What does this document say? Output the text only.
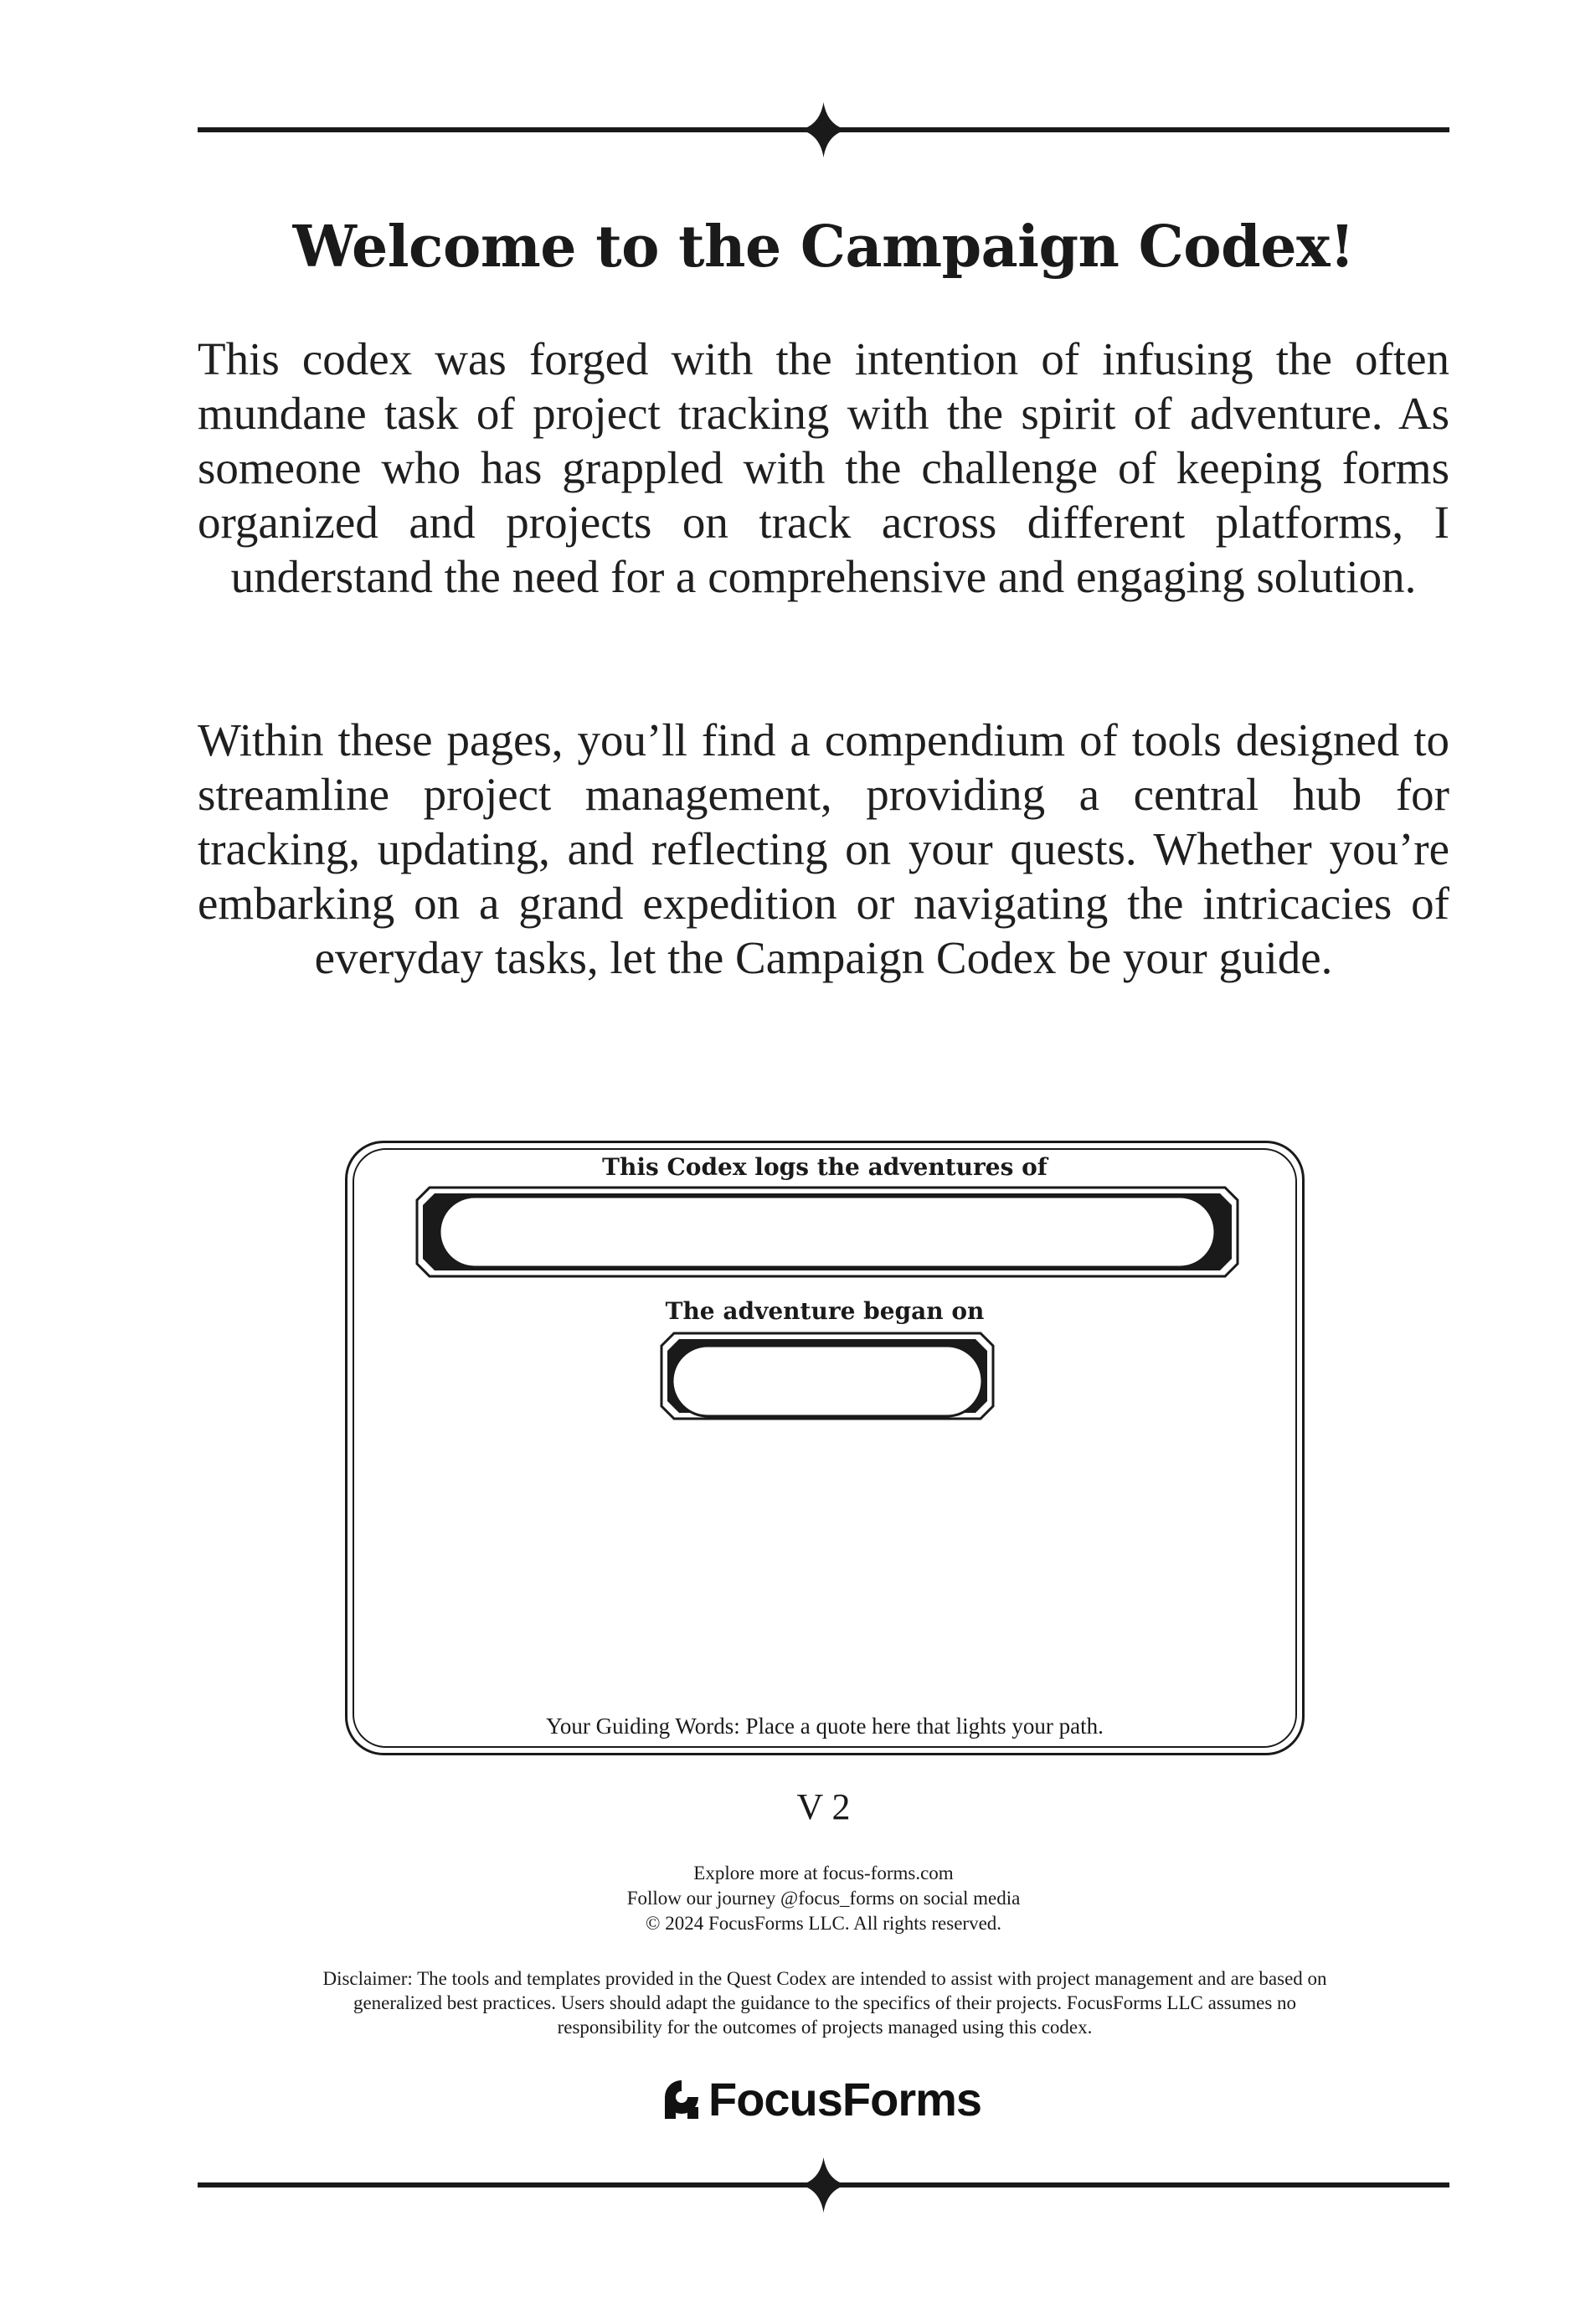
Welcome to the Campaign Codex!

This codex was forged with the intention of infusing the often mundane task of project tracking with the spirit of adventure. As someone who has grappled with the challenge of keeping forms organized and projects on track across different platforms, I understand the need for a comprehensive and engaging solution.

Within these pages, you’ll find a compendium of tools designed to streamline project management, providing a central hub for tracking, updating, and reflecting on your quests. Whether you’re embarking on a grand expedition or navigating the intricacies of everyday tasks, let the Campaign Codex be your guide.

This Codex logs the adventures of
The adventure began on
Your Guiding Words: Place a quote here that lights your path.
V 2
Explore more at focus-forms.com
Follow our journey @focus_forms on social media
© 2024 FocusForms LLC. All rights reserved.

Disclaimer: The tools and templates provided in the Quest Codex are intended to assist with project management and are based on generalized best practices. Users should adapt the guidance to the specifics of their projects. FocusForms LLC assumes no responsibility for the outcomes of projects managed using this codex.

FocusForms
